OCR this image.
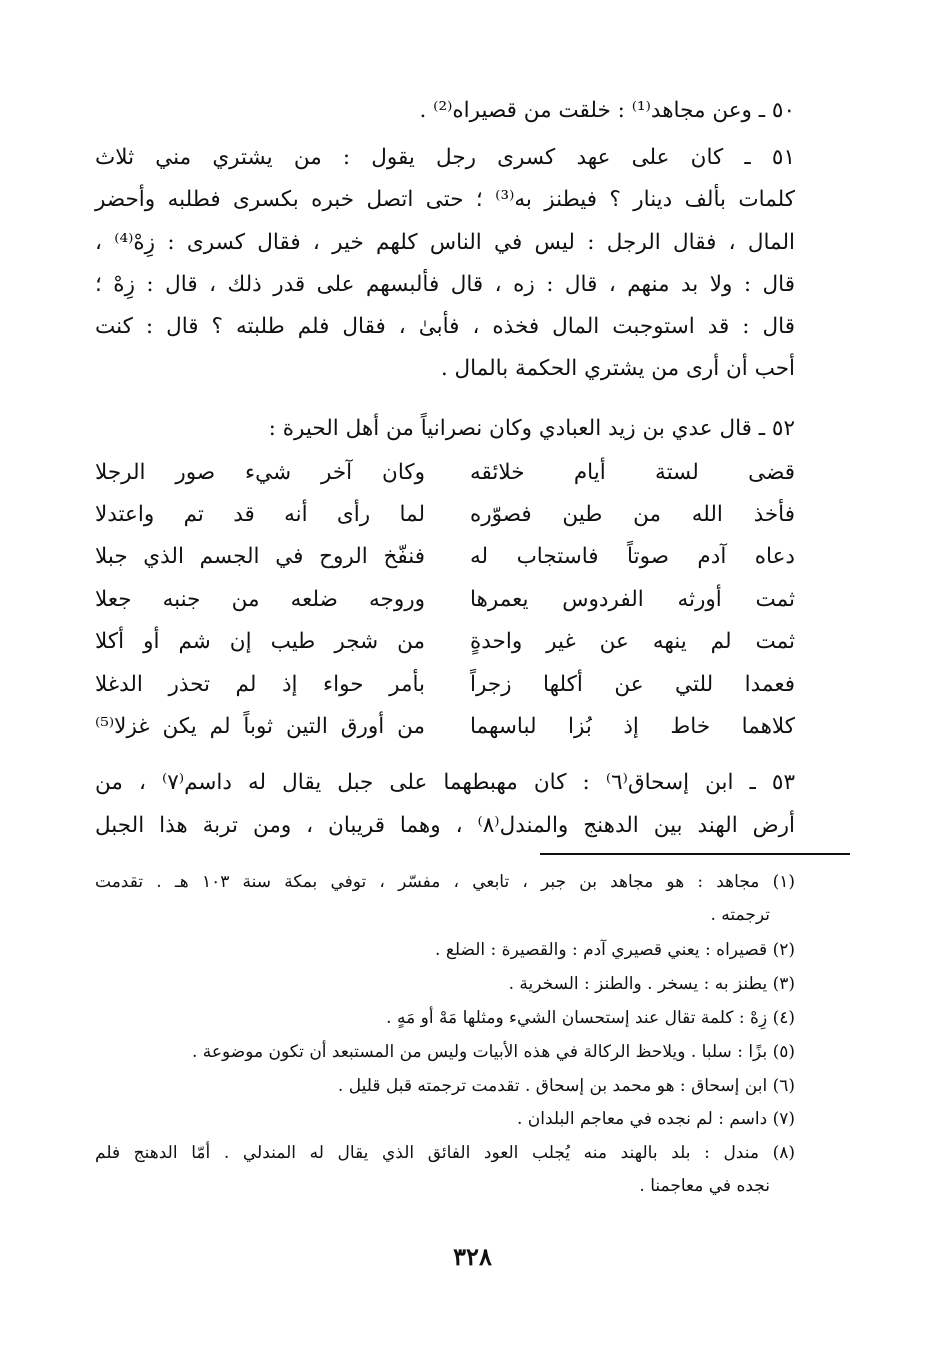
٥٠ ـ وعن مجاهد⁽¹⁾ : خلقت من قصيراه⁽²⁾ .
٥١ ـ كان على عهد كسرى رجل يقول : من يشتري مني ثلاث
كلمات بألف دينار ؟ فيطنز به⁽³⁾ ؛ حتى اتصل خبره بكسرى فطلبه وأحضر
المال ، فقال الرجل : ليس في الناس كلهم خير ، فقال كسرى : زِهْ⁽⁴⁾ ،
قال : ولا بد منهم ، قال : زه ، قال فألبسهم على قدر ذلك ، قال : زِهْ ؛
قال : قد استوجبت المال فخذه ، فأبىٰ ، فقال فلم طلبته ؟ قال : كنت
أحب أن أرى من يشتري الحكمة بالمال .
٥٢ ـ قال عدي بن زيد العبادي وكان نصرانياً من أهل الحيرة :
قضى لستة أيام خلائقه
وكان آخر شيء صور الرجلا
فأخذ الله من طين فصوّره
لما رأى أنه قد تم واعتدلا
دعاه آدم صوتاً فاستجاب له
فنفّخ الروح في الجسم الذي جبلا
ثمت أورثه الفردوس يعمرها
وروجه ضلعه من جنبه جعلا
ثمت لم ينهه عن غير واحدةٍ
من شجر طيب إن شم أو أكلا
فعمدا للتي عن أكلها زجراً
بأمر حواء إذ لم تحذر الدغلا
كلاهما خاط إذ بُزا لباسهما
من أورق التين ثوباً لم يكن غزلا⁽⁵⁾
٥٣ ـ ابن إسحاق⁽٦⁾ : كان مهبطهما على جبل يقال له داسم⁽٧⁾ ، من
أرض الهند بين الدهنج والمندل⁽٨⁾ ، وهما قريبان ، ومن تربة هذا الجبل
(١) مجاهد : هو مجاهد بن جبر ، تابعي ، مفسّر ، توفي بمكة سنة ١٠٣ هـ . تقدمت
ترجمته .
(٢) قصيراه : يعني قصيري آدم : والقصيرة : الضلع .
(٣) يطنز به : يسخر . والطنز : السخرية .
(٤) زِهْ : كلمة تقال عند إستحسان الشيء ومثلها مَهْ أو مَهٍ .
(٥) بزًا : سلبا . ويلاحظ الركالة في هذه الأبيات وليس من المستبعد أن تكون موضوعة .
(٦) ابن إسحاق : هو محمد بن إسحاق . تقدمت ترجمته قبل قليل .
(٧) داسم : لم نجده في معاجم البلدان .
(٨) مندل : بلد بالهند منه يُجلب العود الفائق الذي يقال له المندلي . أمّا الدهنج فلم
نجده في معاجمنا .
٣٢٨
